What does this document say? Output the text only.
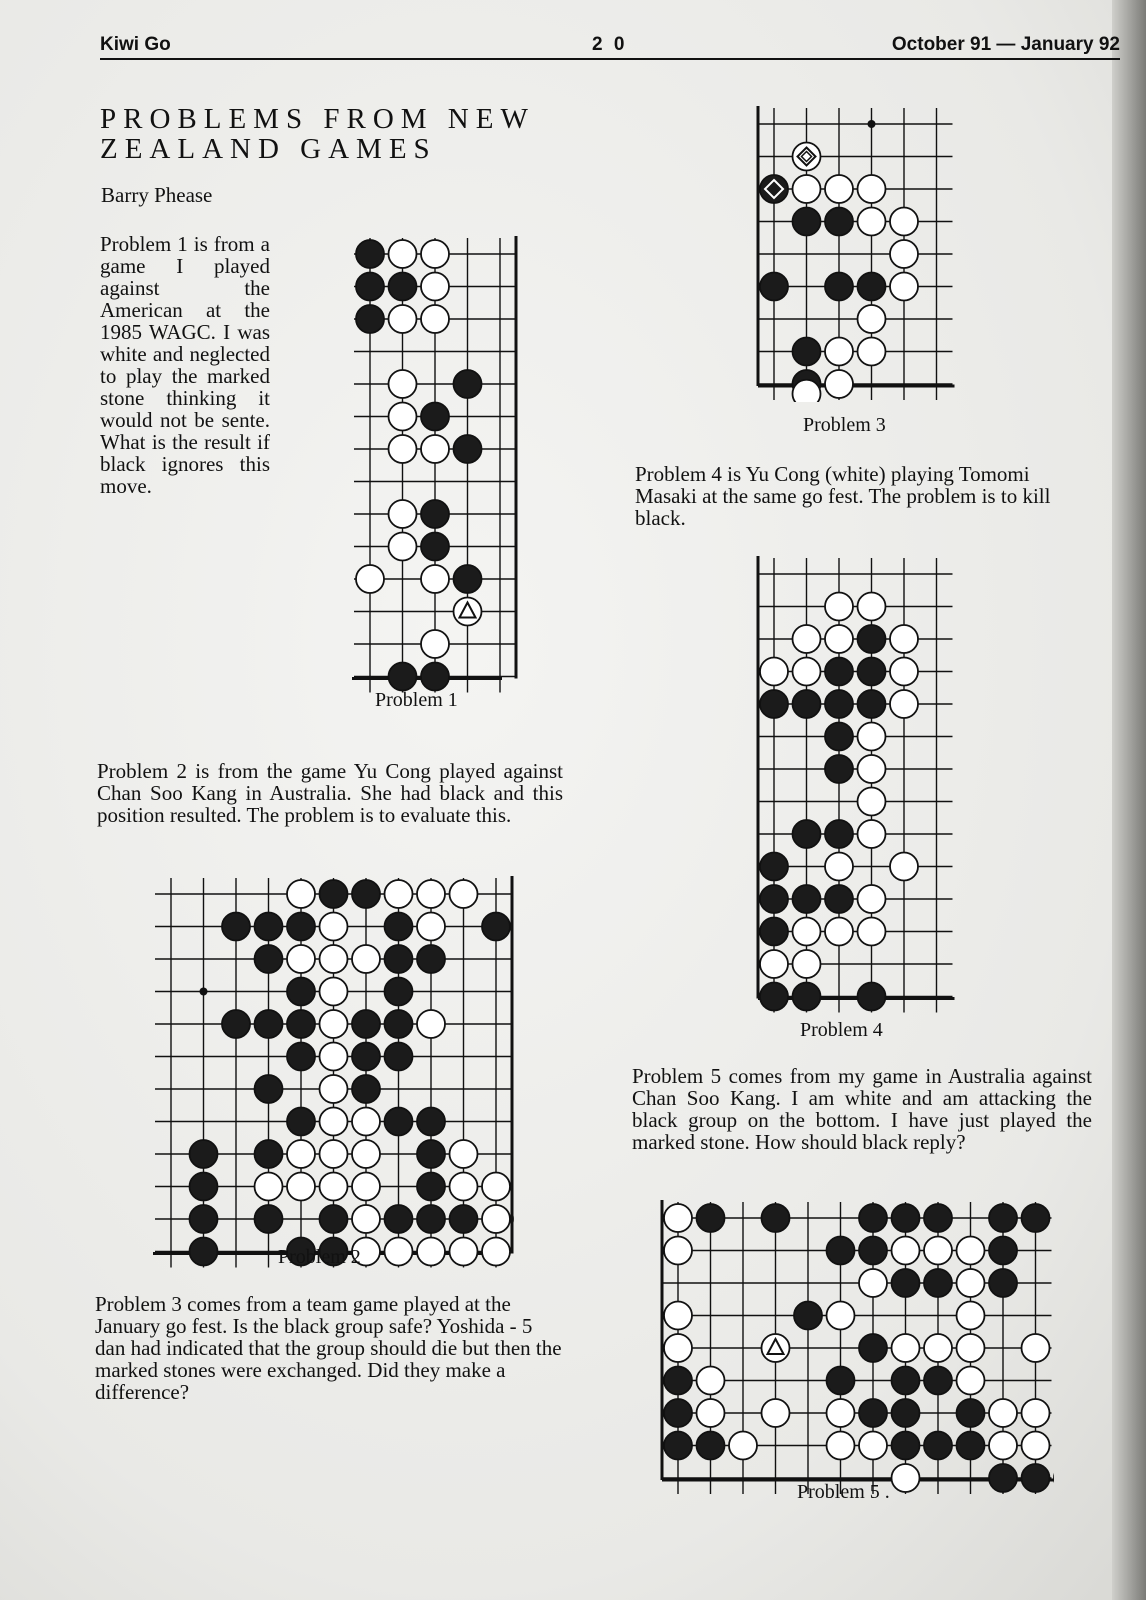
Kiwi Go	2 0	October 91 — January 92
PROBLEMS FROM NEW
ZEALAND GAMES
Barry Phease

Problem 1 is from a game I played against the American at the 1985 WAGC. I was white and neglected to play the marked stone thinking it would not be sente. What is the result if black ignores this move.

Problem 2 is from the game Yu Cong played against Chan Soo Kang in Australia. She had black and this position resulted. The problem is to evaluate this.

Problem 3 comes from a team game played at the January go fest. Is the black group safe? Yoshida - 5 dan had indicated that the group should die but then the marked stones were exchanged. Did they make a difference?

Problem 4 is Yu Cong (white) playing Tomomi Masaki at the same go fest. The problem is to kill black.

Problem 5 comes from my game in Australia against Chan Soo Kang. I am white and am attacking the black group on the bottom. I have just played the marked stone. How should black reply?

Problem 1
Problem 2
Problem 3
Problem 4
Problem 5 .
